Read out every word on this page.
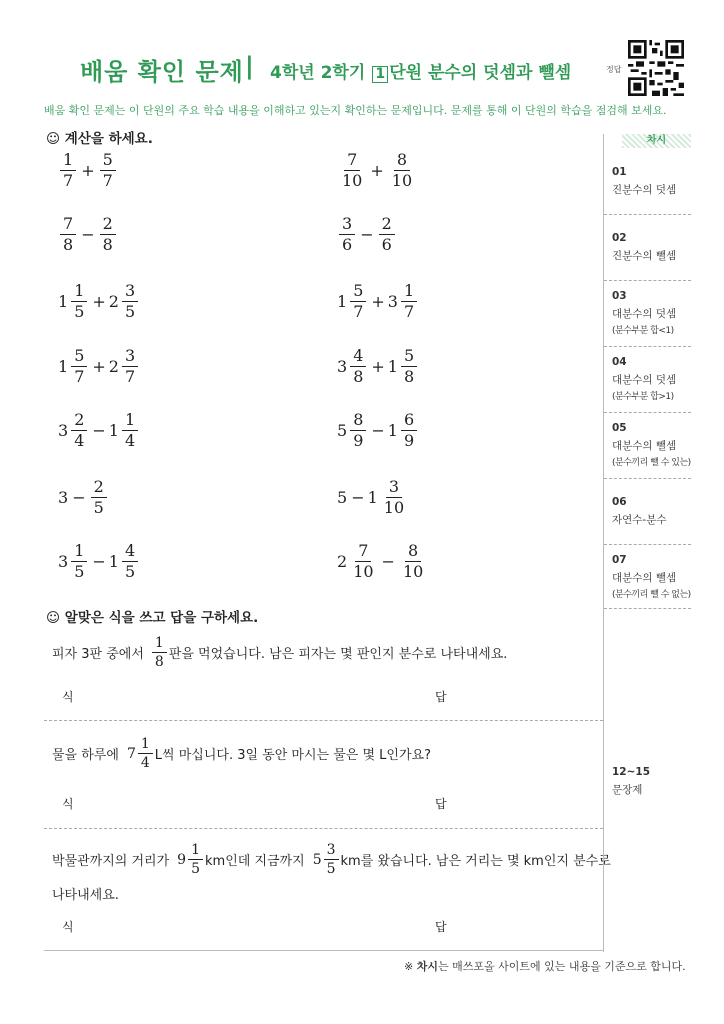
배움 확인 문제 | 4학년 2학기 1 단원 분수의 덧셈과 뺄셈	정답
배움 확인 문제는 이 단원의 주요 학습 내용을 이해하고 있는지 확인하는 문제입니다. 문제를 통해 이 단원의 학습을 점검해 보세요.
☺ 계산을 하세요.
$\frac{1}{7} + \frac{5}{7}$	$\frac{7}{10} + \frac{8}{10}$
$\frac{7}{8} - \frac{2}{8}$	$\frac{3}{6} - \frac{2}{6}$
$1 \frac{1}{5} + 2 \frac{3}{5}$	$1 \frac{5}{7} + 3 \frac{1}{7}$
$1 \frac{5}{7} + 2 \frac{3}{7}$	$3 \frac{4}{8} + 1 \frac{5}{8}$
$3 \frac{2}{4} - 1 \frac{1}{4}$	$5 \frac{8}{9} - 1 \frac{6}{9}$
$3 - \frac{2}{5}$	$5 - 1 \frac{3}{10}$
$3 \frac{1}{5} - 1 \frac{4}{5}$	$2 \frac{7}{10} - \frac{8}{10}$
☺ 알맞은 식을 쓰고 답을 구하세요.
피자 3판 중에서 $\frac{1}{8}$ 판을 먹었습니다. 남은 피자는 몇 판인지 분수로 나타내세요.
식	답
물을 하루에 $7 \frac{1}{4}$ L씩 마십니다. 3일 동안 마시는 물은 몇 L인가요?
식	답
박물관까지의 거리가 $9 \frac{1}{5}$ km인데 지금까지 $5 \frac{3}{5}$ km를 왔습니다. 남은 거리는 몇 km인지 분수로
나타내세요.
식	답
차시
01
진분수의 덧셈
02
진분수의 뺄셈
03
대분수의 덧셈
(분수부분 합<1)
04
대분수의 덧셈
(분수부분 합>1)
05
대분수의 뺄셈
(분수끼리 뺄 수 있는)
06
자연수-분수
07
대분수의 뺄셈
(분수끼리 뺄 수 없는)
12~15
문장제
※ 차시는 매쓰포올 사이트에 있는 내용을 기준으로 합니다.
